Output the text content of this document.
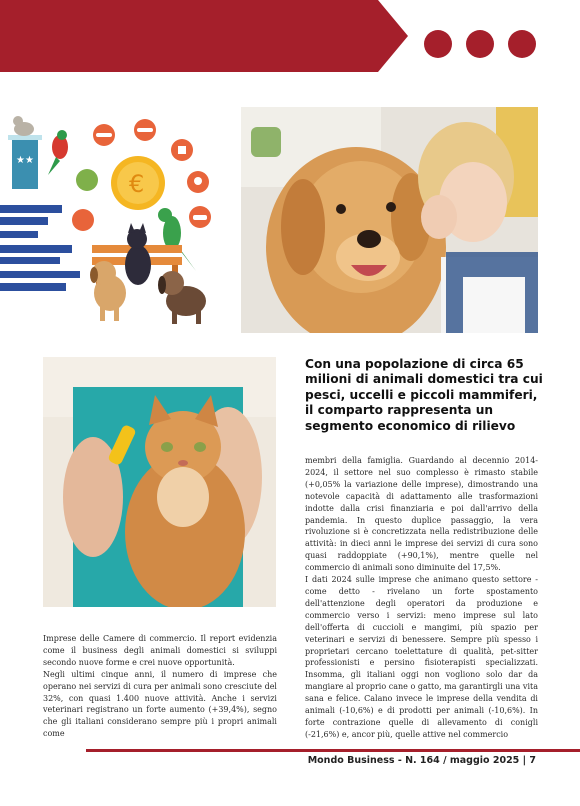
★★
€

Con una popolazione di circa 65 milioni di animali domestici tra cui pesci, uccelli e piccoli mammiferi, il comparto rappresenta un segmento economico di rilievo

Imprese delle Camere di commercio. Il report evidenzia come il business degli animali domestici si sviluppi secondo nuove forme e crei nuove opportunità.

Negli ultimi cinque anni, il numero di imprese che operano nei servizi di cura per animali sono cresciute del 32%, con quasi 1.400 nuove attività. Anche i servizi veterinari registrano un forte aumento (+39,4%), segno che gli italiani considerano sempre più i propri animali come

membri della famiglia. Guardando al decennio 2014-2024, il settore nel suo complesso è rimasto stabile (+0,05% la variazione delle imprese), dimostrando una notevole capacità di adattamento alle trasformazioni indotte dalla crisi finanziaria e poi dall'arrivo della pandemia. In questo duplice passaggio, la vera rivoluzione si è concretizzata nella redistribuzione delle attività: in dieci anni le imprese dei servizi di cura sono quasi raddoppiate (+90,1%), mentre quelle nel commercio di animali sono diminuite del 17,5%.

I dati 2024 sulle imprese che animano questo settore - come detto - rivelano un forte spostamento dell'attenzione degli operatori da produzione e commercio verso i servizi: meno imprese sul lato dell'offerta di cuccioli e mangimi, più spazio per veterinari e servizi di benessere. Sempre più spesso i proprietari cercano toelettature di qualità, pet-sitter professionisti e persino fisioterapisti specializzati. Insomma, gli italiani oggi non vogliono solo dar da mangiare al proprio cane o gatto, ma garantirgli una vita sana e felice. Calano invece le imprese della vendita di animali (-10,6%) e di prodotti per animali (-10,6%). In forte contrazione quelle di allevamento di conigli (-21,6%) e, ancor più, quelle attive nel commercio

Mondo Business - N. 164 / maggio 2025 | 7
